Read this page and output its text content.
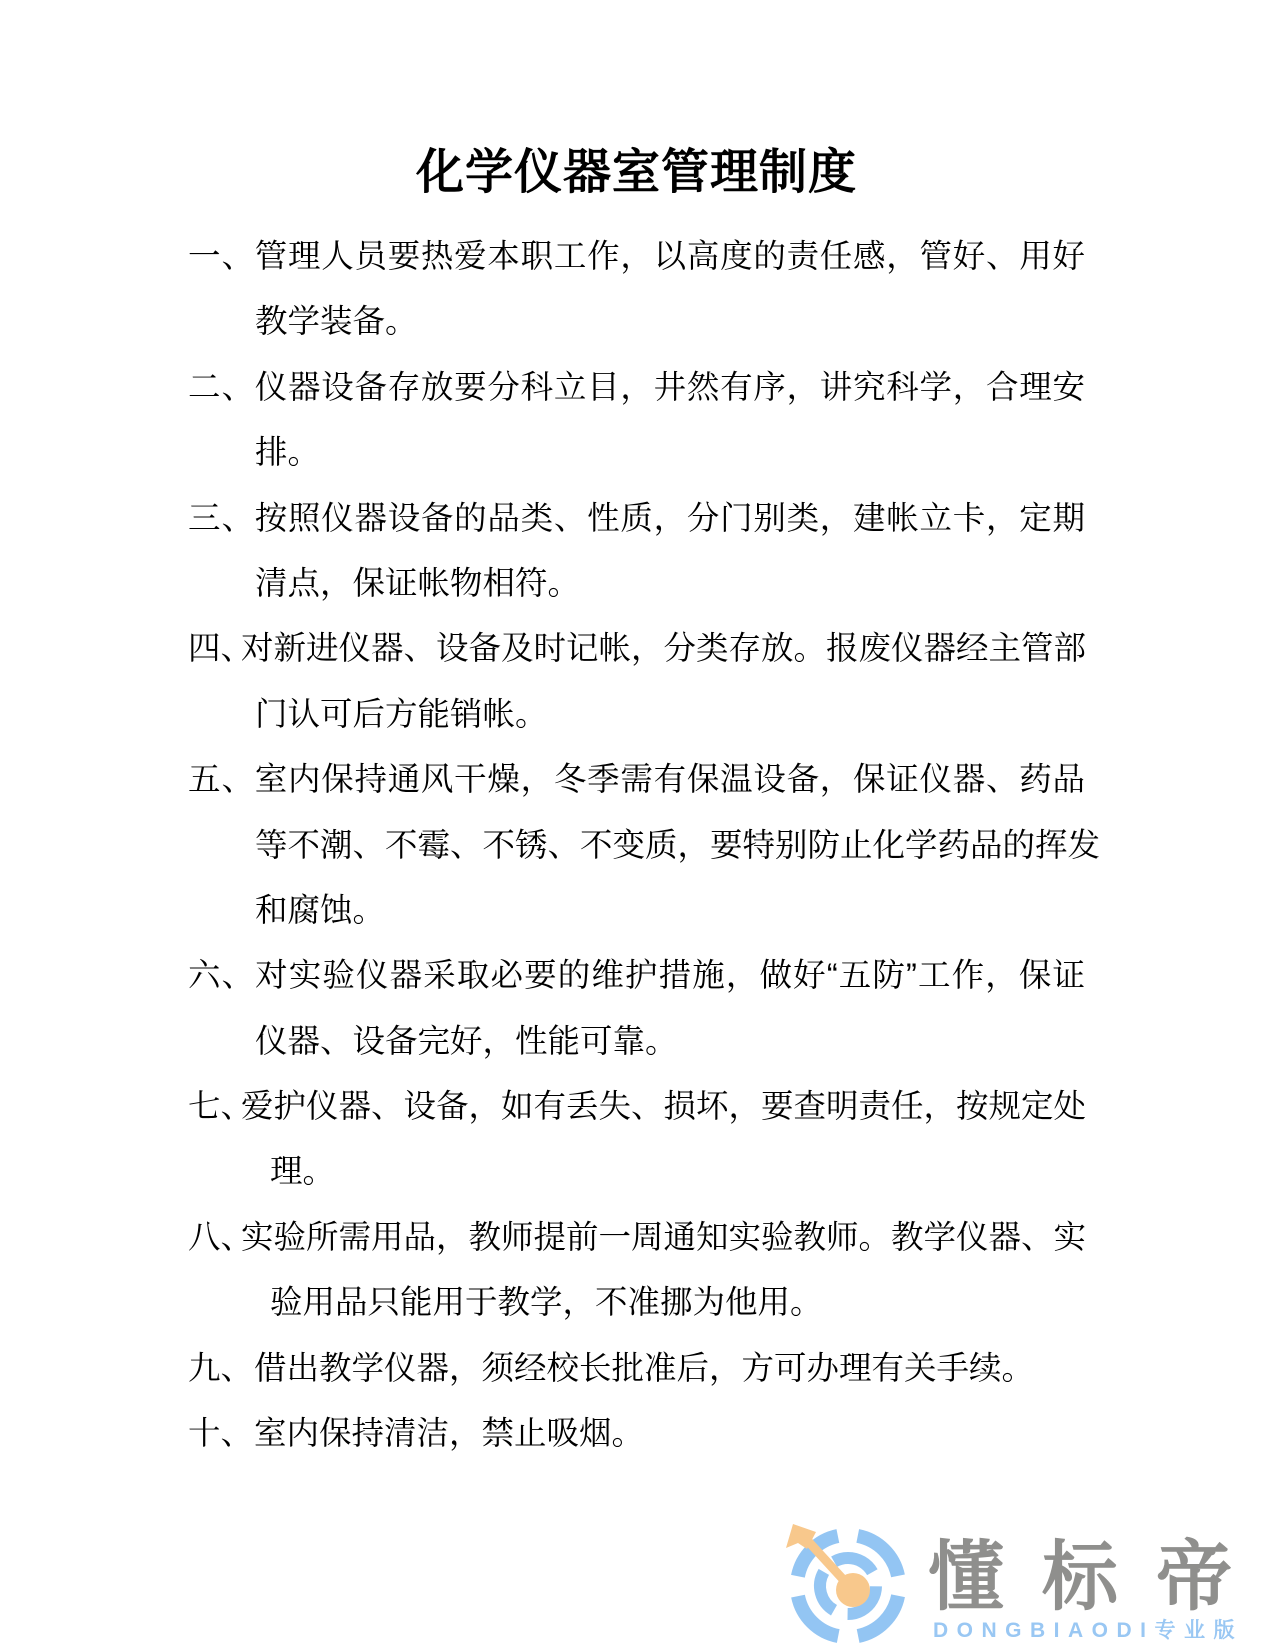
化学仪器室管理制度
一、管理人员要热爱本职工作，以高度的责任感，管好、用好
教学装备。
二、仪器设备存放要分科立目，井然有序，讲究科学，合理安
排。
三、按照仪器设备的品类、性质，分门别类，建帐立卡，定期
清点，保证帐物相符。
四、对新进仪器、设备及时记帐，分类存放。报废仪器经主管部
门认可后方能销帐。
五、室内保持通风干燥，冬季需有保温设备，保证仪器、药品
等不潮、不霉、不锈、不变质，要特别防止化学药品的挥发
和腐蚀。
六、对实验仪器采取必要的维护措施，做好“五防”工作，保证
仪器、设备完好，性能可靠。
七、爱护仪器、设备，如有丢失、损坏，要查明责任，按规定处
理。
八、实验所需用品，教师提前一周通知实验教师。教学仪器、实
验用品只能用于教学，不准挪为他用。
九、借出教学仪器，须经校长批准后，方可办理有关手续。
十、室内保持清洁，禁止吸烟。
懂标帝
DONGBIAODI专业版
